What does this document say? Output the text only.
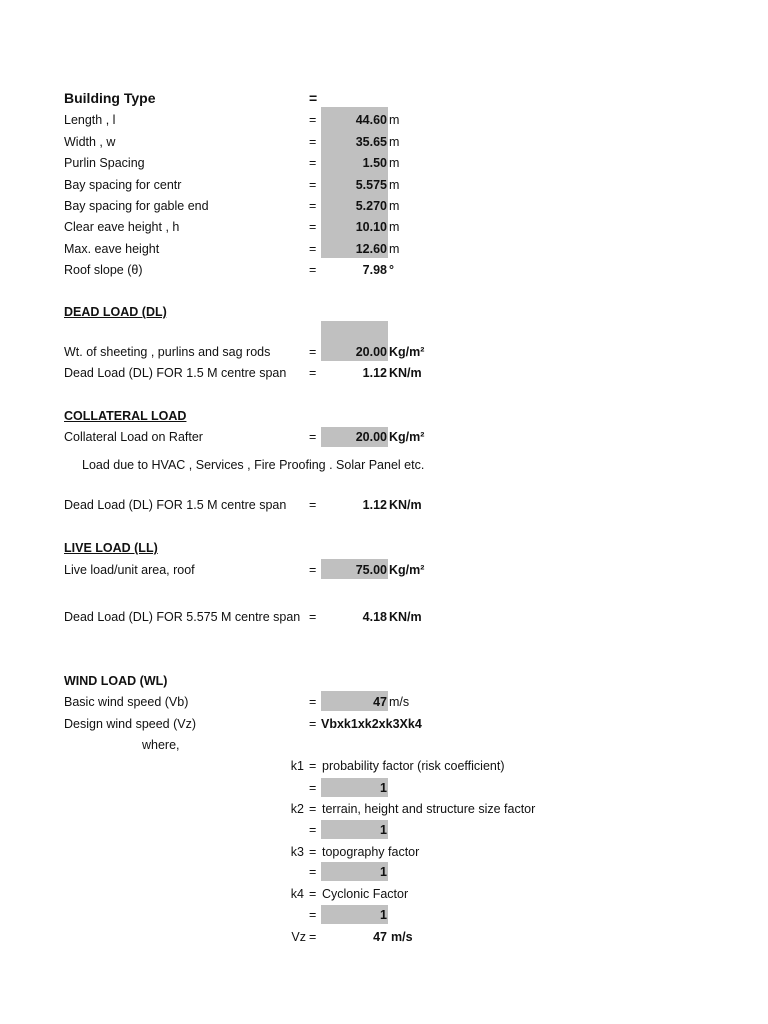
Building Type	=
Length , l	=	44.60 m
Width , w	=	35.65 m
Purlin Spacing	=	1.50 m
Bay spacing for centr	=	5.575 m
Bay spacing for gable end	=	5.270 m
Clear eave height , h	=	10.10 m
Max. eave height	=	12.60 m
Roof slope (θ)	=	7.98 °
DEAD LOAD (DL)
Wt. of sheeting , purlins and sag rods	=	20.00 Kg/m²
Dead Load (DL) FOR 1.5 M centre span =	1.12 KN/m
COLLATERAL LOAD
Collateral Load on Rafter	=	20.00 Kg/m²
Load due to HVAC , Services , Fire Proofing . Solar Panel etc.
Dead Load (DL) FOR 1.5 M centre span =	1.12 KN/m
LIVE LOAD (LL)
Live load/unit area, roof	=	75.00 Kg/m²
Dead Load (DL) FOR 5.575 M centre span =	4.18 KN/m
WIND LOAD (WL)
Basic wind speed (Vb)	=	47 m/s
Design wind speed (Vz)	= Vbxk1xk2xk3Xk4
where,
k1 = probability factor (risk coefficient)
=	1
k2 = terrain, height and structure size factor
=	1
k3 = topography factor
=	1
k4 = Cyclonic Factor
=	1
Vz =	47 m/s
